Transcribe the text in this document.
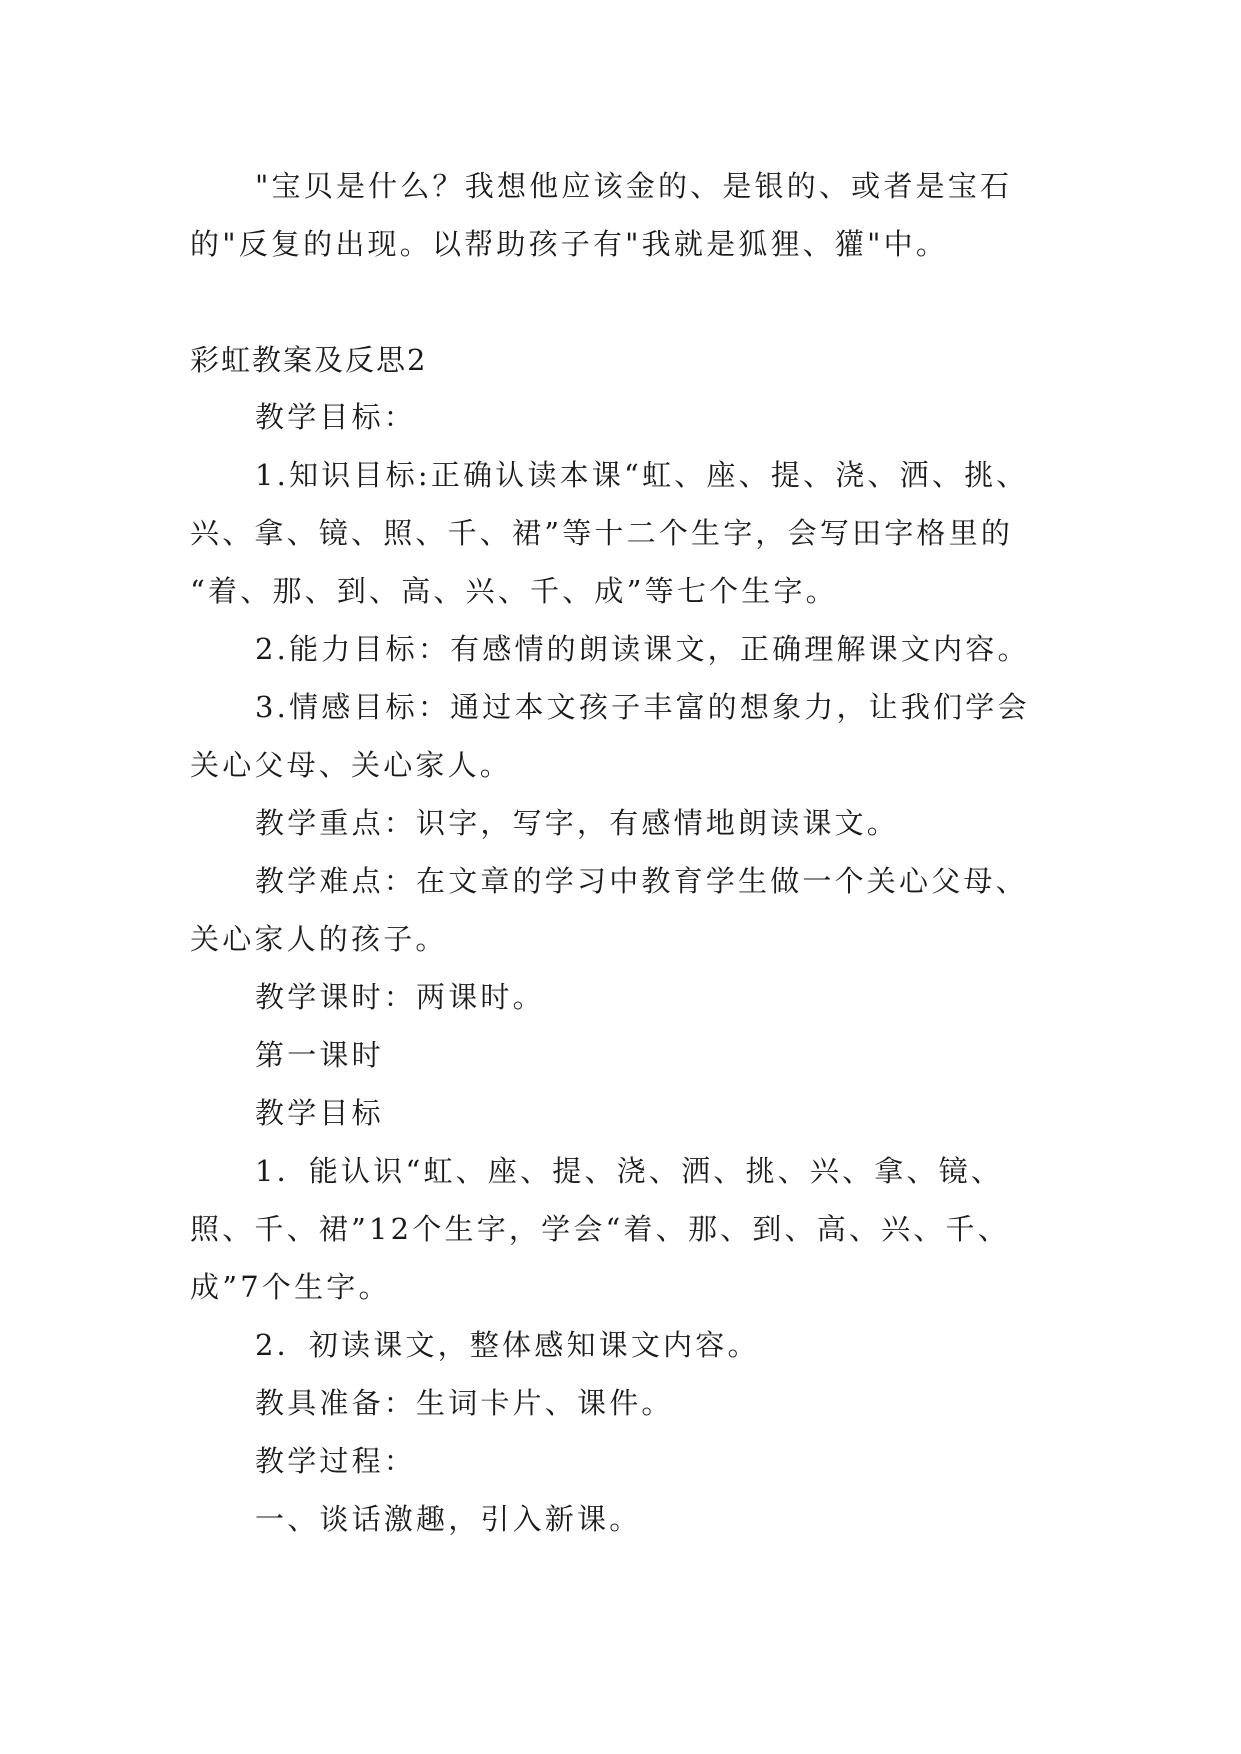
"宝贝是什么？我想他应该金的、是银的、或者是宝石
的"反复的出现。以帮助孩子有"我就是狐狸、獾"中。
彩虹教案及反思2
教学目标：
1.知识目标:正确认读本课“虹、座、提、浇、洒、挑、
兴、拿、镜、照、千、裙”等十二个生字，会写田字格里的
“着、那、到、高、兴、千、成”等七个生字。
2.能力目标：有感情的朗读课文，正确理解课文内容。
3.情感目标：通过本文孩子丰富的想象力，让我们学会
关心父母、关心家人。
教学重点：识字，写字，有感情地朗读课文。
教学难点：在文章的学习中教育学生做一个关心父母、
关心家人的孩子。
教学课时：两课时。
第一课时
教学目标
1．能认识“虹、座、提、浇、洒、挑、兴、拿、镜、
照、千、裙”12个生字，学会“着、那、到、高、兴、千、
成”7个生字。
2．初读课文，整体感知课文内容。
教具准备：生词卡片、课件。
教学过程：
一、谈话激趣，引入新课。
